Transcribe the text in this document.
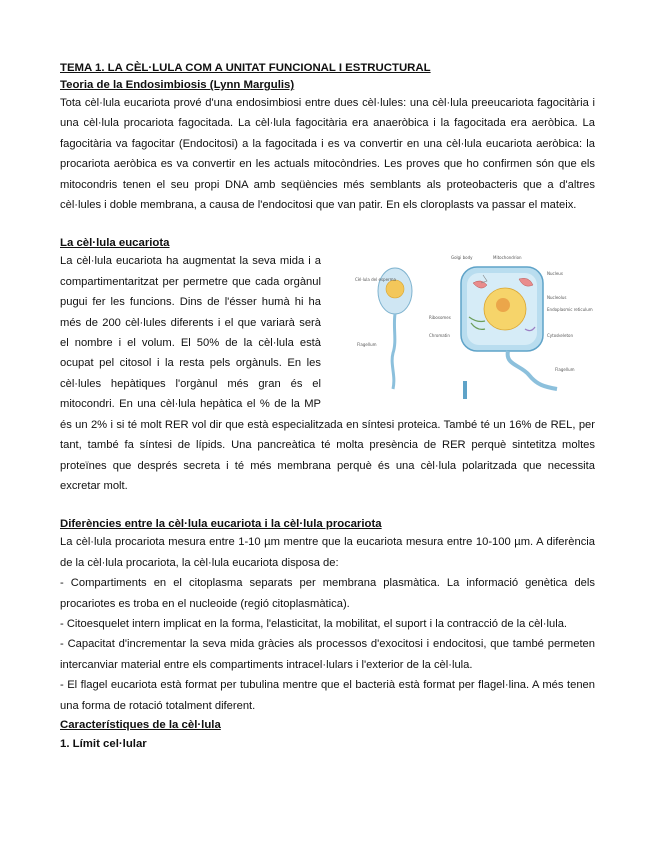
TEMA 1. LA CÈL·LULA COM A UNITAT FUNCIONAL I ESTRUCTURAL

Teoria de la Endosimbiosis (Lynn Margulis)

Tota cèl·lula eucariota prové d'una endosimbiosi entre dues cèl·lules: una cèl·lula preeucariota fagocitària i una cèl·lula procariota fagocitada. La cèl·lula fagocitària era anaeròbica i la fagocitada era aeròbica. La fagocitària va fagocitar (Endocitosi) a la fagocitada i es va convertir en una cèl·lula eucariota aeròbica: la procariota aeròbica es va convertir en les actuals mitocòndries. Les proves que ho confirmen són que els mitocondris tenen el seu propi DNA amb seqüències més semblants als proteobacteris que a d'altres cèl·lules i doble membrana, a causa de l'endocitosi que van patir. En els cloroplasts va passar el mateix.

La cèl·lula eucariota

Cèl·lula del esperma
Flagellum
Golgi body	Mitochondrion
Nucleus
Nucleolus
Endoplasmic reticulum
Ribosomes
Chromatin	Cytoskeleton
Flagellum

La cèl·lula eucariota ha augmentat la seva mida i a compartimentaritzat per permetre que cada orgànul pugui fer les funcions. Dins de l'ésser humà hi ha més de 200 cèl·lules diferents i el que variarà serà el nombre i el volum. El 50% de la cèl·lula està ocupat pel citosol i la resta pels orgànuls. En les cèl·lules hepàtiques l'orgànul més gran és el mitocondri. En una cèl·lula hepàtica el % de la MP és un 2% i si té molt RER vol dir que està especialitzada en síntesi proteica. També té un 16% de REL, per tant, també fa síntesi de lípids. Una pancreàtica té molta presència de RER perquè sintetitza moltes proteïnes que després secreta i té més membrana perquè és una cèl·lula polaritzada que necessita excretar molt.

Diferències entre la cèl·lula eucariota i la cèl·lula procariota

La cèl·lula procariota mesura entre 1-10 µm mentre que la eucariota mesura entre 10-100 µm. A diferència de la cèl·lula procariota, la cèl·lula eucariota disposa de:

- Compartiments en el citoplasma separats per membrana plasmàtica. La informació genètica dels procariotes es troba en el nucleoide (regió citoplasmàtica).

- Citoesquelet intern implicat en la forma, l'elasticitat, la mobilitat, el suport i la contracció de la cèl·lula.

- Capacitat d'incrementar la seva mida gràcies als processos d'exocitosi i endocitosi, que també permeten intercanviar material entre els compartiments intracel·lulars i l'exterior de la cèl·lula.

- El flagel eucariota està format per tubulina mentre que el bacterià està format per flagel·lina. A més tenen una forma de rotació totalment diferent.

Característiques de la cèl·lula

1. Límit cel·lular
